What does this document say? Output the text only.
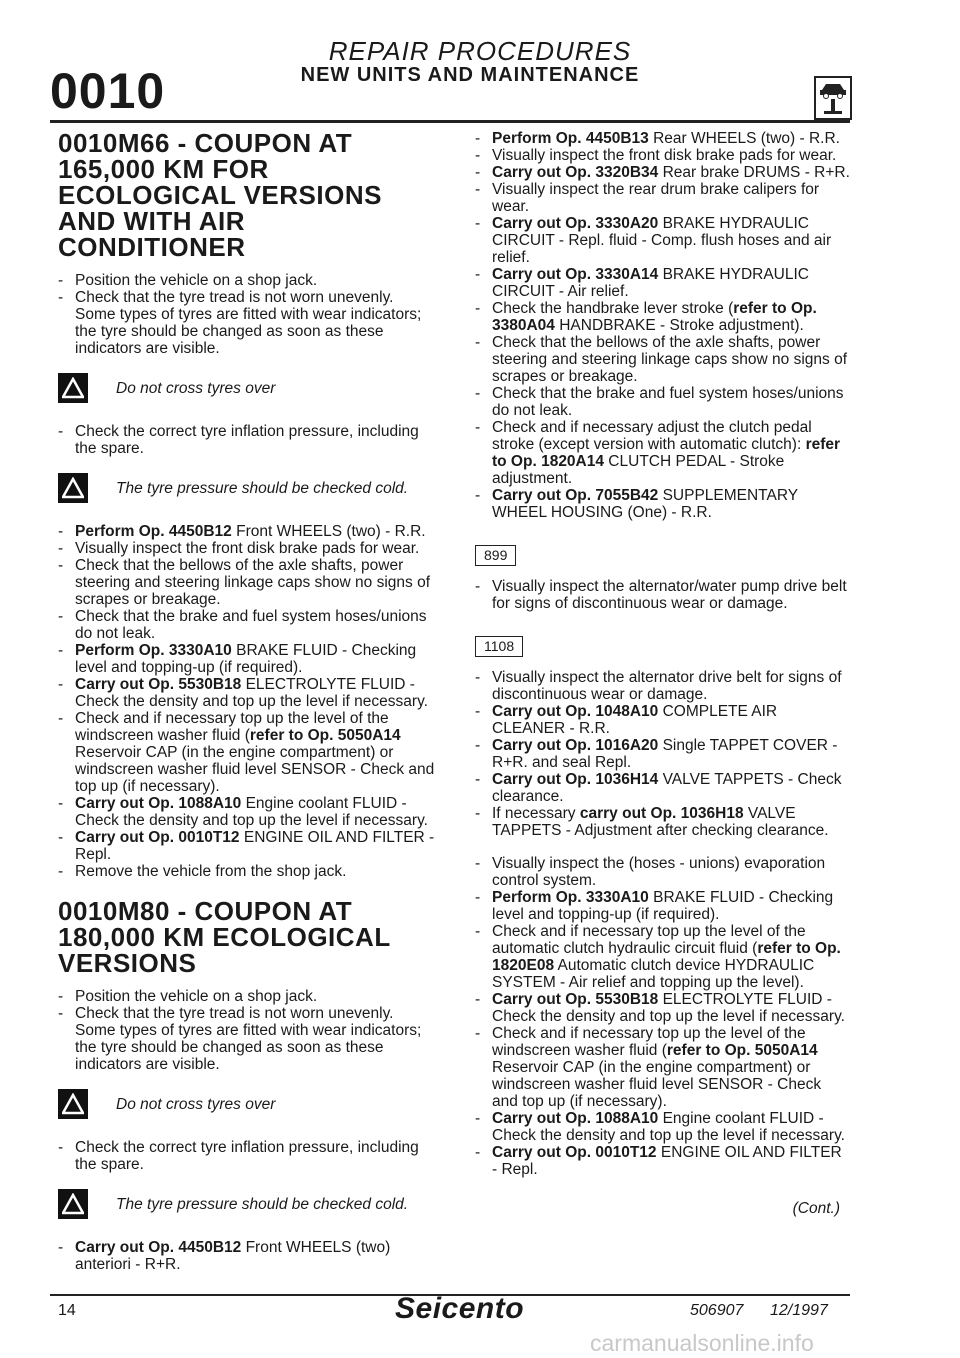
0010
REPAIR PROCEDURES
NEW UNITS AND MAINTENANCE
0010M66 - COUPON AT 165,000 KM FOR ECOLOGICAL VERSIONS AND WITH AIR CONDITIONER
- Position the vehicle on a shop jack.
- Check that the tyre tread is not worn unevenly. Some types of tyres are fitted with wear indicators; the tyre should be changed as soon as these indicators are visible.
Do not cross tyres over
- Check the correct tyre inflation pressure, including the spare.
The tyre pressure should be checked cold.
- Perform Op. 4450B12 Front WHEELS (two) - R.R.
- Visually inspect the front disk brake pads for wear.
- Check that the bellows of the axle shafts, power steering and steering linkage caps show no signs of scrapes or breakage.
- Check that the brake and fuel system hoses/unions do not leak.
- Perform Op. 3330A10 BRAKE FLUID - Checking level and topping-up (if required).
- Carry out Op. 5530B18 ELECTROLYTE FLUID - Check the density and top up the level if necessary.
- Check and if necessary top up the level of the windscreen washer fluid (refer to Op. 5050A14 Reservoir CAP (in the engine compartment) or windscreen washer fluid level SENSOR - Check and top up (if necessary).
- Carry out Op. 1088A10 Engine coolant FLUID - Check the density and top up the level if necessary.
- Carry out Op. 0010T12 ENGINE OIL AND FILTER - Repl.
- Remove the vehicle from the shop jack.
0010M80 - COUPON AT 180,000 KM ECOLOGICAL VERSIONS
- Position the vehicle on a shop jack.
- Check that the tyre tread is not worn unevenly. Some types of tyres are fitted with wear indicators; the tyre should be changed as soon as these indicators are visible.
Do not cross tyres over
- Check the correct tyre inflation pressure, including the spare.
The tyre pressure should be checked cold.
- Carry out Op. 4450B12 Front WHEELS (two) anteriori - R+R.
- Perform Op. 4450B13 Rear WHEELS (two) - R.R.
- Visually inspect the front disk brake pads for wear.
- Carry out Op. 3320B34 Rear brake DRUMS - R+R.
- Visually inspect the rear drum brake calipers for wear.
- Carry out Op. 3330A20 BRAKE HYDRAULIC CIRCUIT - Repl. fluid - Comp. flush hoses and air relief.
- Carry out Op. 3330A14 BRAKE HYDRAULIC CIRCUIT - Air relief.
- Check the handbrake lever stroke (refer to Op. 3380A04 HANDBRAKE - Stroke adjustment).
- Check that the bellows of the axle shafts, power steering and steering linkage caps show no signs of scrapes or breakage.
- Check that the brake and fuel system hoses/unions do not leak.
- Check and if necessary adjust the clutch pedal stroke (except version with automatic clutch): refer to Op. 1820A14 CLUTCH PEDAL - Stroke adjustment.
- Carry out Op. 7055B42 SUPPLEMENTARY WHEEL HOUSING (One) - R.R.
899
- Visually inspect the alternator/water pump drive belt for signs of discontinuous wear or damage.
1108
- Visually inspect the alternator drive belt for signs of discontinuous wear or damage.
- Carry out Op. 1048A10 COMPLETE AIR CLEANER - R.R.
- Carry out Op. 1016A20 Single TAPPET COVER - R+R. and seal Repl.
- Carry out Op. 1036H14 VALVE TAPPETS - Check clearance.
- If necessary carry out Op. 1036H18 VALVE TAPPETS - Adjustment after checking clearance.
- Visually inspect the (hoses - unions) evaporation control system.
- Perform Op. 3330A10 BRAKE FLUID - Checking level and topping-up (if required).
- Check and if necessary top up the level of the automatic clutch hydraulic circuit fluid (refer to Op. 1820E08 Automatic clutch device HYDRAULIC SYSTEM - Air relief and topping up the level).
- Carry out Op. 5530B18 ELECTROLYTE FLUID - Check the density and top up the level if necessary.
- Check and if necessary top up the level of the windscreen washer fluid (refer to Op. 5050A14 Reservoir CAP (in the engine compartment) or windscreen washer fluid level SENSOR - Check and top up (if necessary).
- Carry out Op. 1088A10 Engine coolant FLUID - Check the density and top up the level if necessary.
- Carry out Op. 0010T12 ENGINE OIL AND FILTER - Repl.
(Cont.)
14	Seicento	506907 12/1997
carmanualsonline.info
